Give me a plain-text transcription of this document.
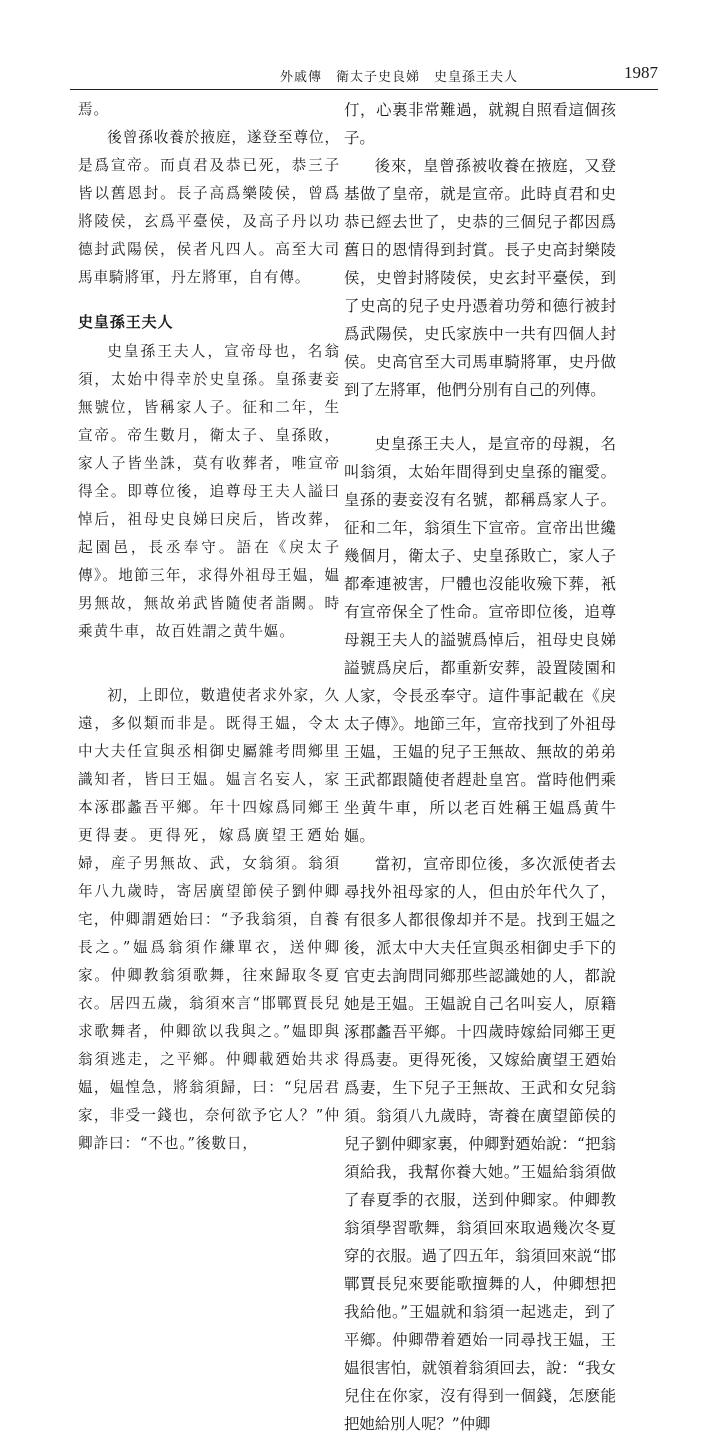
外戚傳　衛太子史良娣　史皇孫王夫人	1987

焉。

後曾孫收養於掖庭，遂登至尊位，是爲宣帝。而貞君及恭已死，恭三子皆以舊恩封。長子高爲樂陵侯，曾爲將陵侯，玄爲平臺侯，及高子丹以功德封武陽侯，侯者凡四人。高至大司馬車騎將軍，丹左將軍，自有傳。

史皇孫王夫人

史皇孫王夫人，宣帝母也，名翁須，太始中得幸於史皇孫。皇孫妻妾無號位，皆稱家人子。征和二年，生宣帝。帝生數月，衛太子、皇孫敗，家人子皆坐誅，莫有收葬者，唯宣帝得全。即尊位後，追尊母王夫人謚曰悼后，祖母史良娣曰戾后，皆改葬，起園邑，長丞奉守。語在《戾太子傳》。地節三年，求得外祖母王媪，媪男無故，無故弟武皆隨使者詣闕。時乘黄牛車，故百姓謂之黄牛嫗。

初，上即位，數遣使者求外家，久遠，多似類而非是。既得王媪，令太中大夫任宣與丞相御史屬雜考問鄉里識知者，皆曰王媪。媪言名妄人，家本涿郡蠡吾平鄉。年十四嫁爲同鄉王更得妻。更得死，嫁爲廣望王廼始婦，産子男無故、武，女翁須。翁須年八九歲時，寄居廣望節侯子劉仲卿宅，仲卿謂廼始曰：“予我翁須，自養長之。”媪爲翁須作縑單衣，送仲卿家。仲卿教翁須歌舞，往來歸取冬夏衣。居四五歲，翁須來言“邯鄲賈長兒求歌舞者，仲卿欲以我與之。”媪即與翁須逃走，之平鄉。仲卿載廼始共求媪，媪惶急，將翁須歸，曰：“兒居君家，非受一錢也，奈何欲予它人？”仲卿詐曰：“不也。”後數日，

仃，心裏非常難過，就親自照看這個孩子。

後來，皇曾孫被收養在掖庭，又登基做了皇帝，就是宣帝。此時貞君和史恭已經去世了，史恭的三個兒子都因爲舊日的恩情得到封賞。長子史高封樂陵侯，史曾封將陵侯，史玄封平臺侯，到了史高的兒子史丹憑着功勞和德行被封爲武陽侯，史氏家族中一共有四個人封侯。史高官至大司馬車騎將軍，史丹做到了左將軍，他們分別有自己的列傳。

史皇孫王夫人，是宣帝的母親，名叫翁須，太始年間得到史皇孫的寵愛。皇孫的妻妾沒有名號，都稱爲家人子。征和二年，翁須生下宣帝。宣帝出世纔幾個月，衛太子、史皇孫敗亡，家人子都牽連被害，尸體也沒能收殮下葬，衹有宣帝保全了性命。宣帝即位後，追尊母親王夫人的謚號爲悼后，祖母史良娣謚號爲戾后，都重新安葬，設置陵園和人家，令長丞奉守。這件事記載在《戾太子傳》。地節三年，宣帝找到了外祖母王媪，王媪的兒子王無故、無故的弟弟王武都跟隨使者趕赴皇宮。當時他們乘坐黄牛車，所以老百姓稱王媪爲黄牛嫗。

當初，宣帝即位後，多次派使者去尋找外祖母家的人，但由於年代久了，有很多人都很像却并不是。找到王媪之後，派太中大夫任宣與丞相御史手下的官吏去詢問同鄉那些認識她的人，都說她是王媪。王媪說自己名叫妄人，原籍涿郡蠡吾平鄉。十四歲時嫁給同鄉王更得爲妻。更得死後，又嫁給廣望王廼始爲妻，生下兒子王無故、王武和女兒翁須。翁須八九歲時，寄養在廣望節侯的兒子劉仲卿家裏，仲卿對廼始說：“把翁須給我，我幫你養大她。”王媪給翁須做了春夏季的衣服，送到仲卿家。仲卿教翁須學習歌舞，翁須回來取過幾次冬夏穿的衣服。過了四五年，翁須回來説“邯鄲賈長兒來要能歌擅舞的人，仲卿想把我給他。”王媪就和翁須一起逃走，到了平鄉。仲卿帶着廼始一同尋找王媪，王媪很害怕，就領着翁須回去，說：“我女兒住在你家，沒有得到一個錢，怎麽能把她給別人呢？”仲卿
